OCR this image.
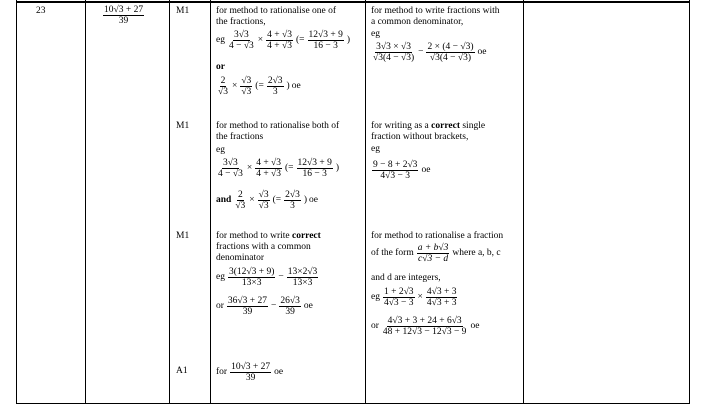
23	$\frac{10√3 + 27}{39}$	M1
M1
M1
A1
for method to rationalise one of
the fractions,
eg $\frac{3√3}{4 - √3} \times \frac{4 + √3}{4 + √3}$ (= $\frac{12√3 + 9}{16 - 3}$ )
or
$\frac{2}{√3} \times \frac{√3}{√3}$ (= $\frac{2√3}{3}$ ) oe
for method to write fractions with
a common denominator,
eg
$\frac{3√3 \times √3}{√3(4 - √3)} - \frac{2 \times (4 - √3)}{√3(4 - √3)}$ oe
for method to rationalise both of
the fractions
eg
$\frac{3√3}{4 - √3} \times \frac{4 + √3}{4 + √3}$ (= $\frac{12√3 + 9}{16 - 3}$ )
and $\frac{2}{√3} \times \frac{√3}{√3}$ (= $\frac{2√3}{3}$ ) oe
for writing as a correct single
fraction without brackets,
eg
$\frac{9 - 8 + 2√3}{4√3 - 3}$ oe
for method to write correct
fractions with a common
denominator
eg $\frac{3(12√3 + 9)}{13\times 3} - \frac{13\times 2√3}{13\times 3}$
or $\frac{36√3 + 27}{39} - \frac{26√3}{39}$ oe
for method to rationalise a fraction
of the form $\frac{a + b√3}{c√3 - d}$ where a, b, c
and d are integers,
eg $\frac{1 + 2√3}{4√3 - 3} \times \frac{4√3 + 3}{4√3 + 3}$
or $\frac{4√3 + 3 + 24 + 6√3}{48 + 12√3 - 12√3 - 9}$ oe
for $\frac{10√3 + 27}{39}$ oe
